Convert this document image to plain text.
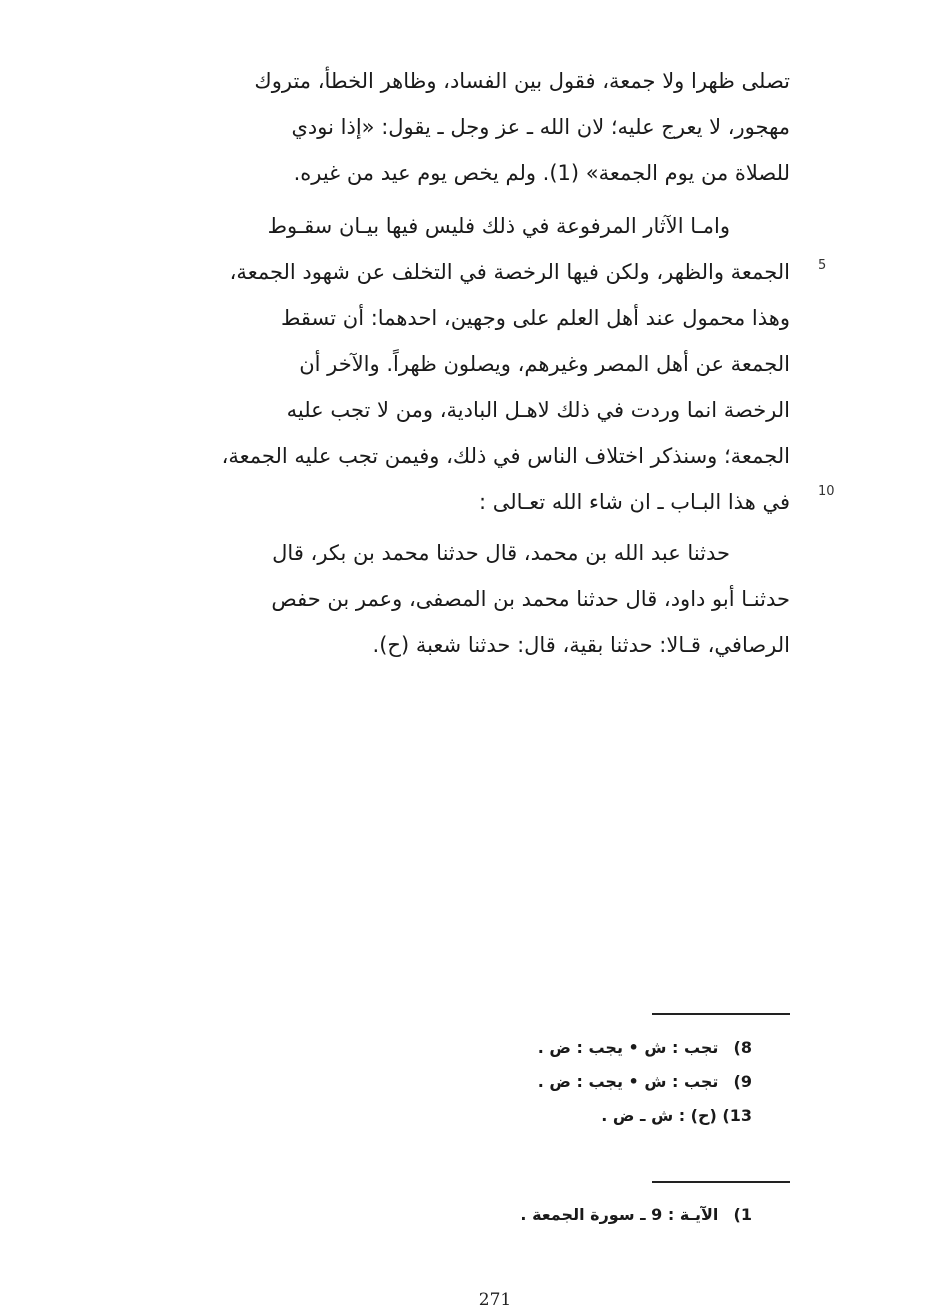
تصلى ظهرا ولا جمعة، فقول بين الفساد، وظاهر الخطأ، متروك
مهجور، لا يعرج عليه؛ لان الله ـ عز وجل ـ يقول: «إذا نودي
للصلاة من يوم الجمعة» (1). ولم يخص يوم عيد من غيره.
وامـا الآثار المرفوعة في ذلك فليس فيها بيـان سقـوط
الجمعة والظهر، ولكن فيها الرخصة في التخلف عن شهود الجمعة،
وهذا محمول عند أهل العلم على وجهين، احدهما: أن تسقط
الجمعة عن أهل المصر وغيرهم، ويصلون ظهراً. والآخر أن
الرخصة انما وردت في ذلك لاهـل البادية، ومن لا تجب عليه
الجمعة؛ وسنذكر اختلاف الناس في ذلك، وفيمن تجب عليه الجمعة،
في هذا البـاب ـ ان شاء الله تعـالى :
5
10
حدثنا عبد الله بن محمد، قال حدثنا محمد بن بكر، قال
حدثنـا أبو داود، قال حدثنا محمد بن المصفى، وعمر بن حفص
الرصافي، قـالا: حدثنا بقية، قال: حدثنا شعبة (ح).
8) تجب : ش • يجب : ض .
9) تجب : ش • يجب : ض .
13) (ح) : ش ـ ض .
1) الآيـة : 9 ـ سورة الجمعة .
271
